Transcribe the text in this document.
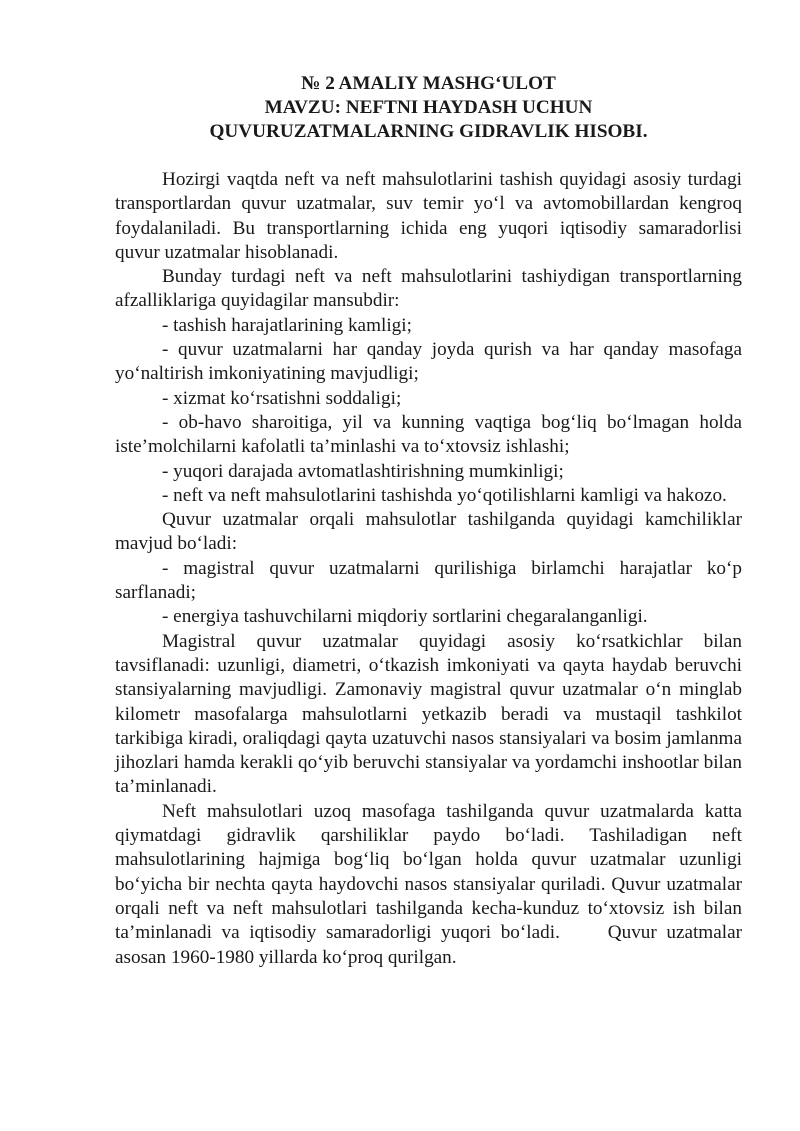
№ 2 AMALIY MASHG‘ULOT
MAVZU: NEFTNI HAYDASH UCHUN
QUVURUZATMALARNING GIDRAVLIK HISOBI.

Hozirgi vaqtda neft va neft mahsulotlarini tashish quyidagi asosiy turdagi transportlardan quvur uzatmalar, suv temir yo‘l va avtomobillardan kengroq foydalaniladi. Bu transportlarning ichida eng yuqori iqtisodiy samaradorlisi quvur uzatmalar hisoblanadi.

Bunday turdagi neft va neft mahsulotlarini tashiydigan transportlarning afzalliklariga quyidagilar mansubdir:

- tashish harajatlarining kamligi;

- quvur uzatmalarni har qanday joyda qurish va har qanday masofaga yo‘naltirish imkoniyatining mavjudligi;

- xizmat ko‘rsatishni soddaligi;

- ob-havo sharoitiga, yil va kunning vaqtiga bog‘liq bo‘lmagan holda iste’molchilarni kafolatli ta’minlashi va to‘xtovsiz ishlashi;

- yuqori darajada avtomatlashtirishning mumkinligi;

- neft va neft mahsulotlarini tashishda yo‘qotilishlarni kamligi va hakozo.

Quvur uzatmalar orqali mahsulotlar tashilganda quyidagi kamchiliklar mavjud bo‘ladi:

- magistral quvur uzatmalarni qurilishiga birlamchi harajatlar ko‘p sarflanadi;

- energiya tashuvchilarni miqdoriy sortlarini chegaralanganligi.

Magistral quvur uzatmalar quyidagi asosiy ko‘rsatkichlar bilan tavsiflanadi: uzunligi, diametri, o‘tkazish imkoniyati va qayta haydab beruvchi stansiyalarning mavjudligi. Zamonaviy magistral quvur uzatmalar o‘n minglab kilometr masofalarga mahsulotlarni yetkazib beradi va mustaqil tashkilot tarkibiga kiradi, oraliqdagi qayta uzatuvchi nasos stansiyalari va bosim jamlanma jihozlari hamda kerakli qo‘yib beruvchi stansiyalar va yordamchi inshootlar bilan ta’minlanadi.

Neft mahsulotlari uzoq masofaga tashilganda quvur uzatmalarda katta qiymatdagi gidravlik qarshiliklar paydo bo‘ladi. Tashiladigan neft mahsulotlarining hajmiga bog‘liq bo‘lgan holda quvur uzatmalar uzunligi bo‘yicha bir nechta qayta haydovchi nasos stansiyalar quriladi. Quvur uzatmalar orqali neft va neft mahsulotlari tashilganda kecha-kunduz to‘xtovsiz ish bilan ta’minlanadi va iqtisodiy samaradorligi yuqori bo‘ladi.     Quvur uzatmalar asosan 1960-1980 yillarda ko‘proq qurilgan.
